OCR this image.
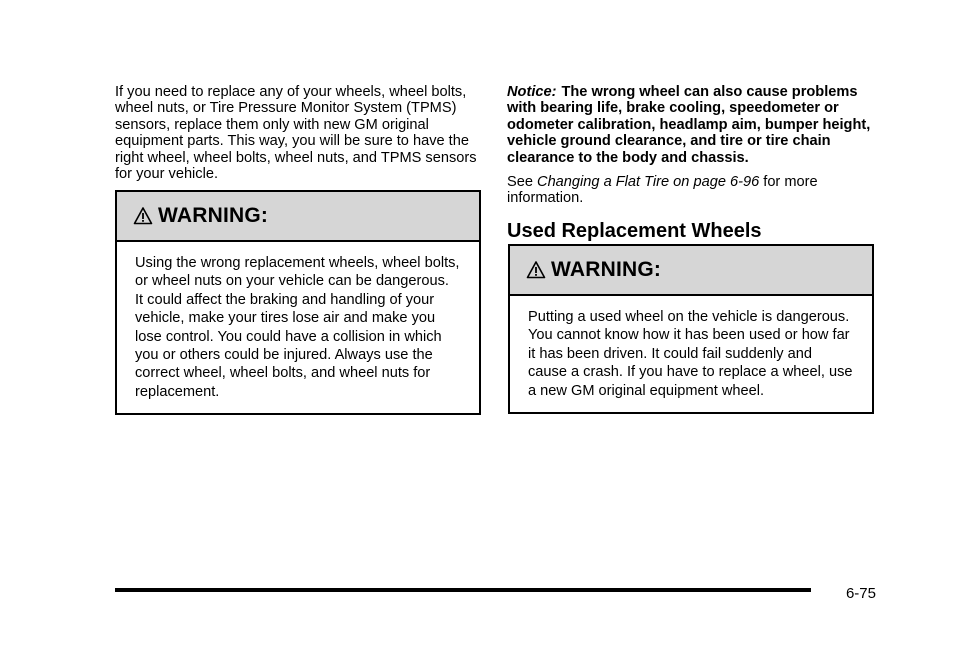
If you need to replace any of your wheels, wheel bolts, wheel nuts, or Tire Pressure Monitor System (TPMS) sensors, replace them only with new GM original equipment parts. This way, you will be sure to have the right wheel, wheel bolts, wheel nuts, and TPMS sensors for your vehicle.

WARNING:
Using the wrong replacement wheels, wheel bolts, or wheel nuts on your vehicle can be dangerous. It could affect the braking and handling of your vehicle, make your tires lose air and make you lose control. You could have a collision in which you or others could be injured. Always use the correct wheel, wheel bolts, and wheel nuts for replacement.

Notice: The wrong wheel can also cause problems with bearing life, brake cooling, speedometer or odometer calibration, headlamp aim, bumper height, vehicle ground clearance, and tire or tire chain clearance to the body and chassis.

See Changing a Flat Tire on page 6‑96 for more information.

Used Replacement Wheels
WARNING:
Putting a used wheel on the vehicle is dangerous. You cannot know how it has been used or how far it has been driven. It could fail suddenly and cause a crash. If you have to replace a wheel, use a new GM original equipment wheel.
6-75
